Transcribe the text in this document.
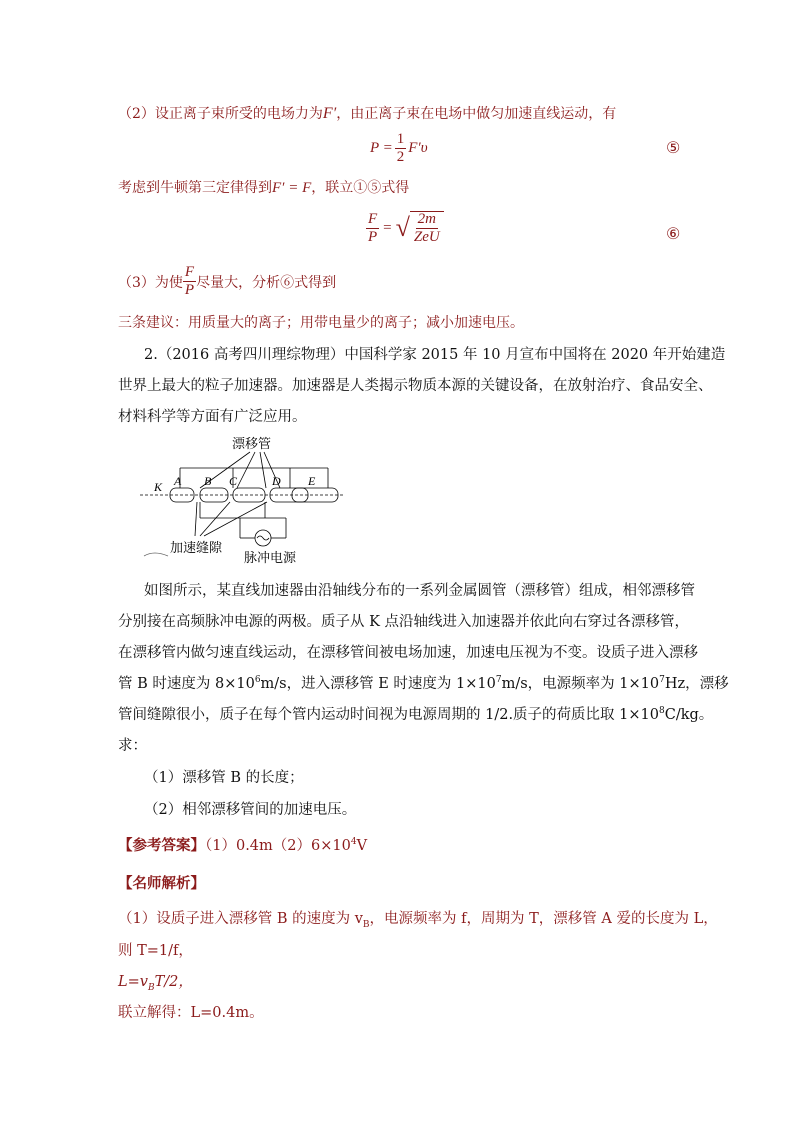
（2）设正离子束所受的电场力为F′，由正离子束在电场中做匀加速直线运动，有
$P = \frac{1}{2} F'\upsilon$	⑤
考虑到牛顿第三定律得到F′ = F，联立①⑤式得
$\frac{F}{P}$ = √ $\frac{2m}{\text{ZeU}}$	⑥
（3）为使 $\frac{F}{P}$ 尽量大，分析⑥式得到
三条建议：用质量大的离子；用带电量少的离子；减小加速电压。
2.（2016 高考四川理综物理）中国科学家 2015 年 10 月宣布中国将在 2020 年开始建造
世界上最大的粒子加速器。加速器是人类揭示物质本源的关键设备，在放射治疗、食品安全、
材料科学等方面有广泛应用。
漂移管
K A B C	D E
加速缝隙
脉冲电源
如图所示，某直线加速器由沿轴线分布的一系列金属圆管（漂移管）组成，相邻漂移管
分别接在高频脉冲电源的两极。质子从 K 点沿轴线进入加速器并依此向右穿过各漂移管，
在漂移管内做匀速直线运动，在漂移管间被电场加速，加速电压视为不变。设质子进入漂移
管 B 时速度为 $8\times 10^6m/s$，进入漂移管 E 时速度为 $1\times 10^7m/s$，电源频率为 $1\times 10^7Hz$，漂移
管间缝隙很小，质子在每个管内运动时间视为电源周期的 1/2.质子的荷质比取 $1\times 10^8C/kg$。
求：
（1）漂移管 B 的长度；
（2）相邻漂移管间的加速电压。
【参考答案】$(1)0.4m(2)6\times 10^4V$
【名师解析】
（1）设质子进入漂移管 B 的速度为 $v_B$，电源频率为 f，周期为 T，漂移管 A 爱的长度为 L，
则 T=1/f，
$L=v_BT/2$，
联立解得：L=0.4m。
